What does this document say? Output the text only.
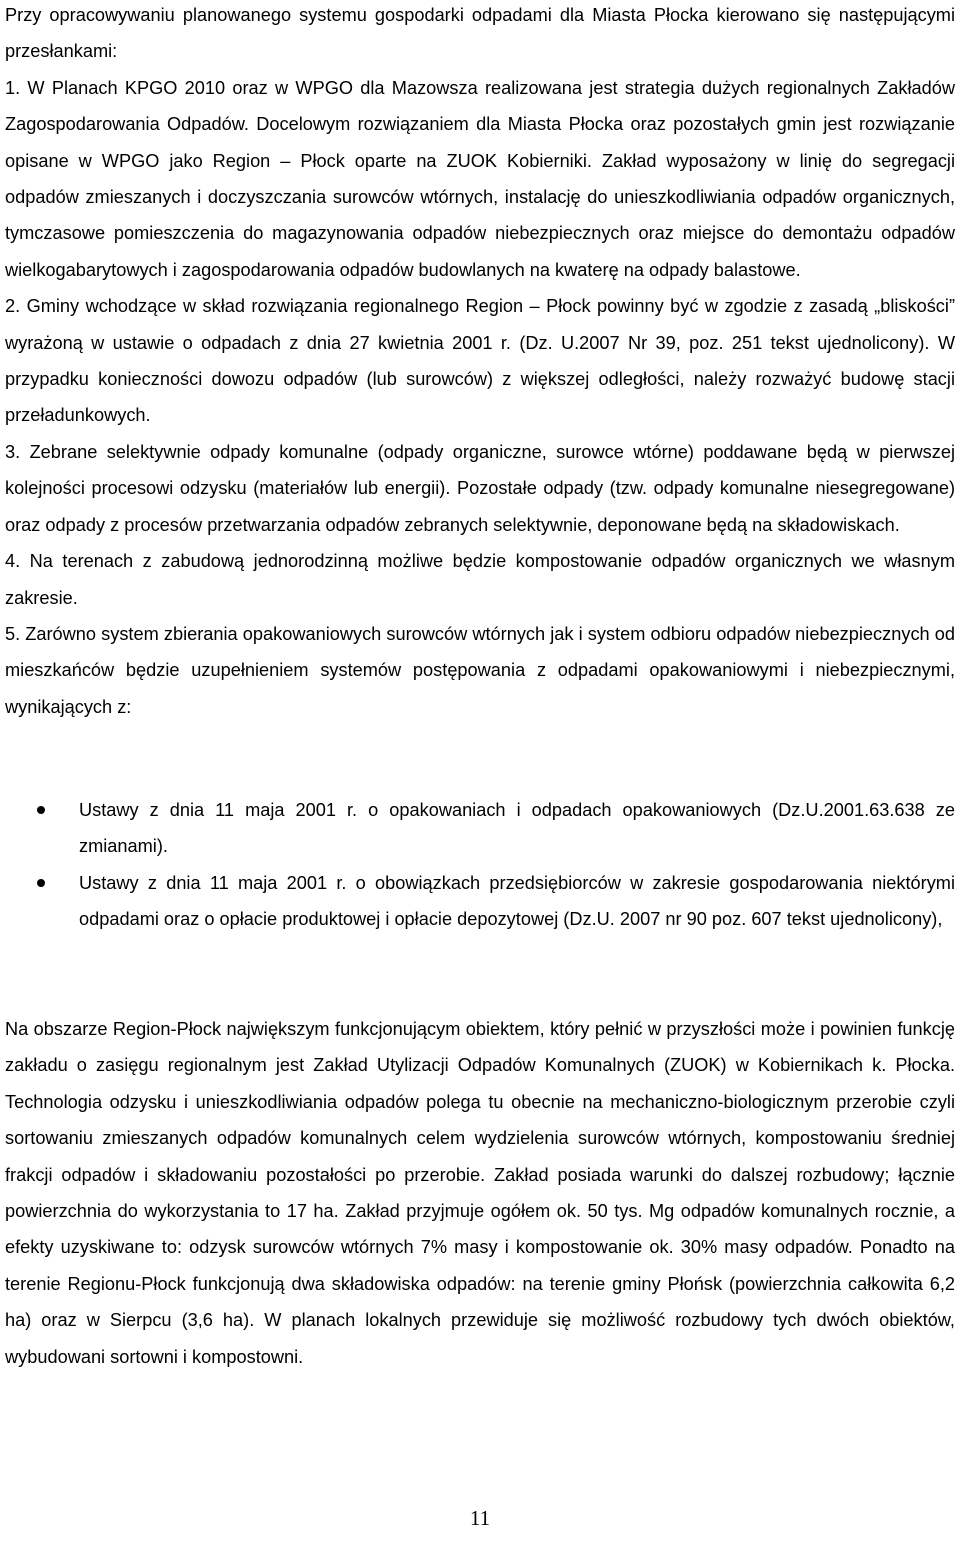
Przy opracowywaniu planowanego systemu gospodarki odpadami dla Miasta Płocka kierowano się następującymi przesłankami:

1. W Planach KPGO 2010 oraz w WPGO dla Mazowsza realizowana jest strategia dużych regionalnych Zakładów Zagospodarowania Odpadów. Docelowym rozwiązaniem dla Miasta Płocka oraz pozostałych gmin jest rozwiązanie opisane w WPGO jako Region – Płock oparte na ZUOK Kobierniki. Zakład wyposażony w linię do segregacji odpadów zmieszanych i doczyszczania surowców wtórnych, instalację do unieszkodliwiania odpadów organicznych, tymczasowe pomieszczenia do magazynowania odpadów niebezpiecznych oraz miejsce do demontażu odpadów wielkogabarytowych i zagospodarowania odpadów budowlanych na kwaterę na odpady balastowe.

2. Gminy wchodzące w skład rozwiązania regionalnego Region – Płock powinny być w zgodzie z zasadą „bliskości” wyrażoną w ustawie o odpadach z dnia 27 kwietnia 2001 r. (Dz. U.2007 Nr 39, poz. 251 tekst ujednolicony). W przypadku konieczności dowozu odpadów (lub surowców) z większej odległości, należy rozważyć budowę stacji przeładunkowych.

3. Zebrane selektywnie odpady komunalne (odpady organiczne, surowce wtórne) poddawane będą w pierwszej kolejności procesowi odzysku (materiałów lub energii). Pozostałe odpady (tzw. odpady komunalne niesegregowane) oraz odpady z procesów przetwarzania odpadów zebranych selektywnie, deponowane będą na składowiskach.

4. Na terenach z zabudową jednorodzinną możliwe będzie kompostowanie odpadów organicznych we własnym zakresie.

5. Zarówno system zbierania opakowaniowych surowców wtórnych jak i system odbioru odpadów niebezpiecznych od mieszkańców będzie uzupełnieniem systemów postępowania z odpadami opakowaniowymi i niebezpiecznymi, wynikających z:

Ustawy z dnia 11 maja 2001 r. o opakowaniach i odpadach opakowaniowych (Dz.U.2001.63.638 ze zmianami).
Ustawy z dnia 11 maja 2001 r. o obowiązkach przedsiębiorców w zakresie gospodarowania niektórymi odpadami oraz o opłacie produktowej i opłacie depozytowej (Dz.U. 2007 nr 90 poz. 607 tekst ujednolicony),

Na obszarze Region-Płock największym funkcjonującym obiektem, który pełnić w przyszłości może i powinien funkcję zakładu o zasięgu regionalnym jest Zakład Utylizacji Odpadów Komunalnych (ZUOK) w Kobiernikach k. Płocka. Technologia odzysku i unieszkodliwiania odpadów polega tu obecnie na mechaniczno-biologicznym przerobie czyli sortowaniu zmieszanych odpadów komunalnych celem wydzielenia surowców wtórnych, kompostowaniu średniej frakcji odpadów i składowaniu pozostałości po przerobie. Zakład posiada warunki do dalszej rozbudowy; łącznie powierzchnia do wykorzystania to 17 ha. Zakład przyjmuje ogółem ok. 50 tys. Mg odpadów komunalnych rocznie, a efekty uzyskiwane to: odzysk surowców wtórnych 7% masy i kompostowanie ok. 30% masy odpadów. Ponadto na terenie Regionu-Płock funkcjonują dwa składowiska odpadów: na terenie gminy Płońsk (powierzchnia całkowita 6,2 ha) oraz w Sierpcu (3,6 ha). W planach lokalnych przewiduje się możliwość rozbudowy tych dwóch obiektów, wybudowani sortowni i kompostowni.

11
